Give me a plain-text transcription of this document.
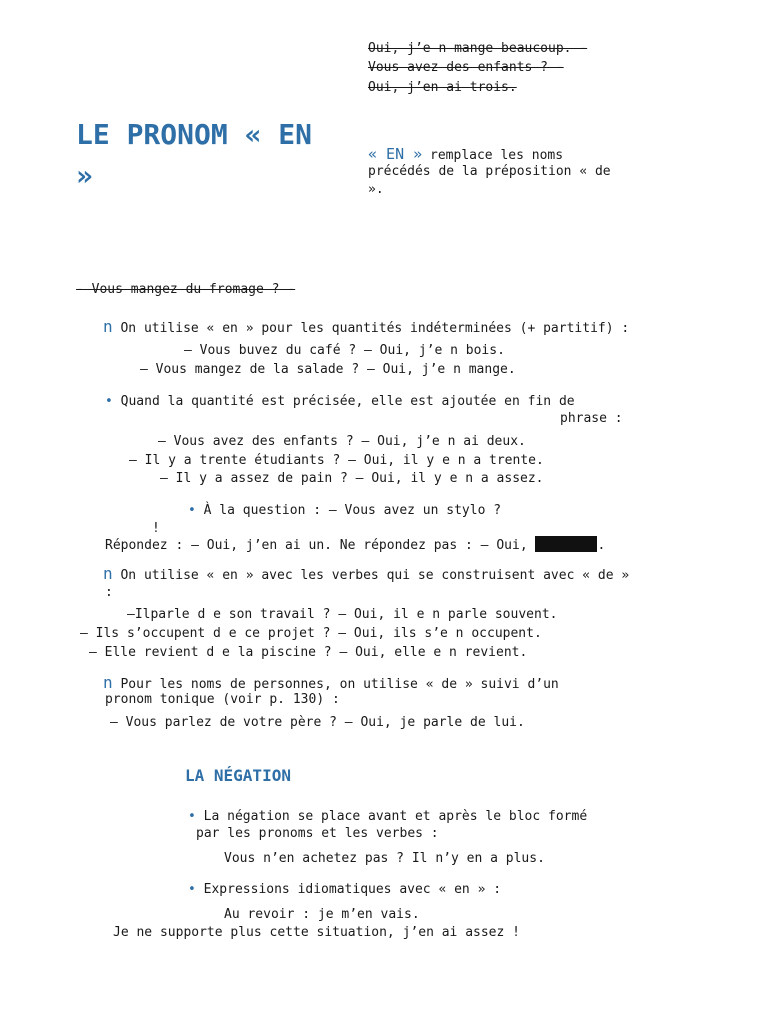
Oui, j’e n mange beaucoup. -

Vous avez des enfants ? -

Oui, j’en ai trois.

LE PRONOM « EN »

« EN » remplace les noms

précédés de la préposition « de

».

- Vous mangez du fromage ? -

n On utilise « en » pour les quantités indéterminées (+ partitif) :

– Vous buvez du café ? – Oui, j’e n bois.

– Vous mangez de la salade ? – Oui, j’e n mange.

• Quand la quantité est précisée, elle est ajoutée en fin de

phrase :

– Vous avez des enfants ? – Oui, j’e n ai deux.

– Il y a trente étudiants ? – Oui, il y e n a trente.

– Il y a assez de pain ? – Oui, il y e n a assez.

• À la question : – Vous avez un stylo ?

!

Répondez : – Oui, j’en ai un. Ne répondez pas : – Oui,	.

n On utilise « en » avec les verbes qui se construisent avec « de »

:

–Ilparle d e son travail ? – Oui, il e n parle souvent.

– Ils s’occupent d e ce projet ? – Oui, ils s’e n occupent.

– Elle revient d e la piscine ? – Oui, elle e n revient.

n Pour les noms de personnes, on utilise « de » suivi d’un

pronom tonique (voir p. 130) :

– Vous parlez de votre père ? – Oui, je parle de lui.

LA NÉGATION

• La négation se place avant et après le bloc formé

par les pronoms et les verbes :

Vous n’en achetez pas ? Il n’y en a plus.

• Expressions idiomatiques avec « en » :

Au revoir : je m’en vais.

Je ne supporte plus cette situation, j’en ai assez !
